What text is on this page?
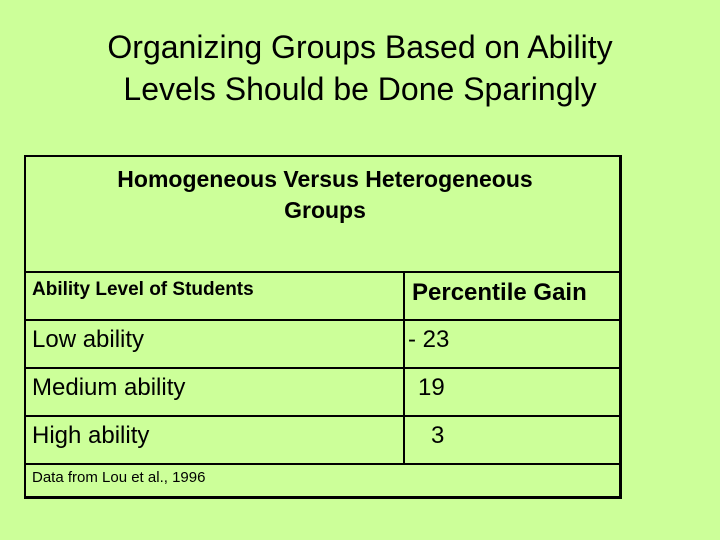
Organizing Groups Based on Ability
Levels Should be Done Sparingly
Homogeneous Versus Heterogeneous
Groups
Ability Level of Students	Percentile Gain
Low ability	- 23
Medium ability	19
High ability	3
Data from Lou et al., 1996
